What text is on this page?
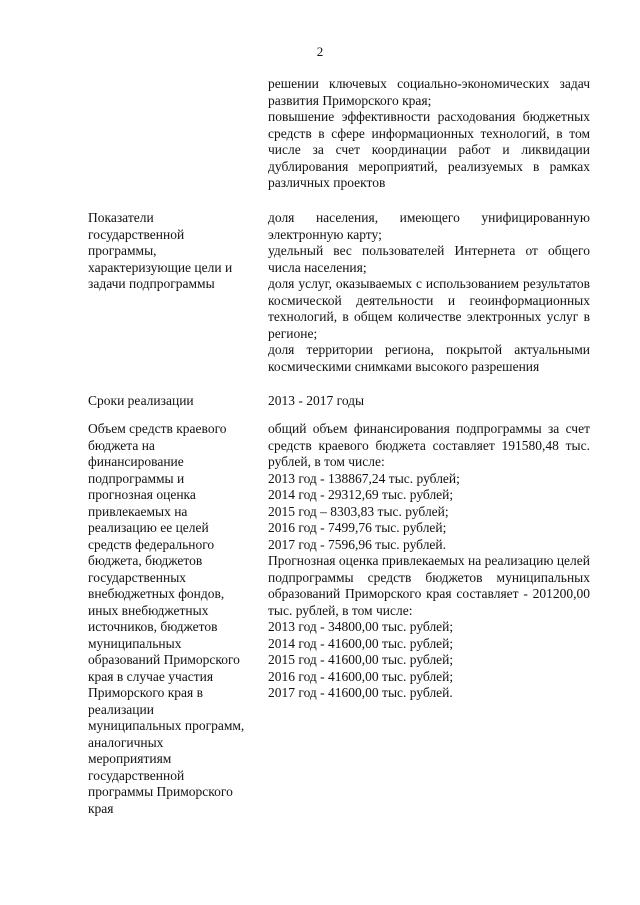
2
решении ключевых социально-экономических задач развития Приморского края;
повышение эффективности расходования бюджетных средств в сфере информационных технологий, в том числе за счет координации работ и ликвидации дублирования мероприятий, реализуемых в рамках различных проектов
Показатели
государственной
программы,
характеризующие цели и
задачи подпрограммы
доля населения, имеющего унифицированную электронную карту;
удельный вес пользователей Интернета от общего числа населения;
доля услуг, оказываемых с использованием результатов космической деятельности и геоинформационных технологий, в общем количестве электронных услуг в регионе;
доля территории региона, покрытой актуальными космическими снимками высокого разрешения
Сроки реализации	2013 - 2017 годы
Объем средств краевого
бюджета на
финансирование
подпрограммы и
прогнозная оценка
привлекаемых на
реализацию ее целей
средств федерального
бюджета, бюджетов
государственных
внебюджетных фондов,
иных внебюджетных
источников, бюджетов
муниципальных
образований Приморского
края в случае участия
Приморского края в
реализации
муниципальных программ,
аналогичных
мероприятиям
государственной
программы Приморского
края
общий объем финансирования подпрограммы за счет средств краевого бюджета составляет 191580,48 тыс. рублей, в том числе:
2013 год - 138867,24 тыс. рублей;
2014 год - 29312,69 тыс. рублей;
2015 год – 8303,83 тыс. рублей;
2016 год - 7499,76 тыс. рублей;
2017 год - 7596,96 тыс. рублей.
Прогнозная оценка привлекаемых на реализацию целей подпрограммы средств бюджетов муниципальных образований Приморского края составляет - 201200,00 тыс. рублей, в том числе:
2013 год - 34800,00 тыс. рублей;
2014 год - 41600,00 тыс. рублей;
2015 год - 41600,00 тыс. рублей;
2016 год - 41600,00 тыс. рублей;
2017 год - 41600,00 тыс. рублей.
